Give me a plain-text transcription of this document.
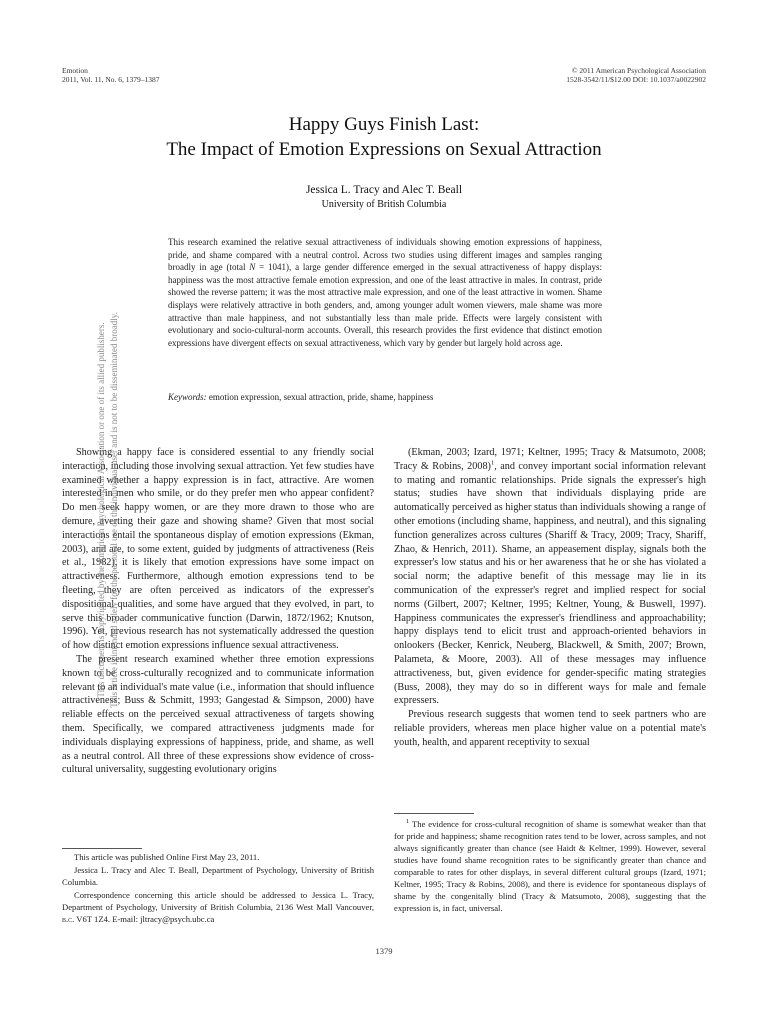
Emotion
2011, Vol. 11, No. 6, 1379–1387
© 2011 American Psychological Association
1528-3542/11/$12.00 DOI: 10.1037/a0022902
Happy Guys Finish Last:
The Impact of Emotion Expressions on Sexual Attraction
Jessica L. Tracy and Alec T. Beall
University of British Columbia
This research examined the relative sexual attractiveness of individuals showing emotion expressions of happiness, pride, and shame compared with a neutral control. Across two studies using different images and samples ranging broadly in age (total N = 1041), a large gender difference emerged in the sexual attractiveness of happy displays: happiness was the most attractive female emotion expression, and one of the least attractive in males. In contrast, pride showed the reverse pattern; it was the most attractive male expression, and one of the least attractive in women. Shame displays were relatively attractive in both genders, and, among younger adult women viewers, male shame was more attractive than male happiness, and not substantially less than male pride. Effects were largely consistent with evolutionary and socio-cultural-norm accounts. Overall, this research provides the first evidence that distinct emotion expressions have divergent effects on sexual attractiveness, which vary by gender but largely hold across age.
Keywords: emotion expression, sexual attraction, pride, shame, happiness

Showing a happy face is considered essential to any friendly social interaction, including those involving sexual attraction. Yet few studies have examined whether a happy expression is in fact, attractive. Are women interested in men who smile, or do they prefer men who appear confident? Do men seek happy women, or are they more drawn to those who are demure, averting their gaze and showing shame? Given that most social interactions entail the spontaneous display of emotion expressions (Ekman, 2003), and are, to some extent, guided by judgments of attractiveness (Reis et al., 1982), it is likely that emotion expressions have some impact on attractiveness. Furthermore, although emotion expressions tend to be fleeting, they are often perceived as indicators of the expresser's dispositional qualities, and some have argued that they evolved, in part, to serve this broader communicative function (Darwin, 1872/1962; Knutson, 1996). Yet, previous research has not systematically addressed the question of how distinct emotion expressions influence sexual attractiveness.

The present research examined whether three emotion expressions known to be cross-culturally recognized and to communicate information relevant to an individual's mate value (i.e., information that should influence attractiveness; Buss & Schmitt, 1993; Gangestad & Simpson, 2000) have reliable effects on the perceived sexual attractiveness of targets showing them. Specifically, we compared attractiveness judgments made for individuals displaying expressions of happiness, pride, and shame, as well as a neutral control. All three of these expressions show evidence of cross-cultural universality, suggesting evolutionary origins

(Ekman, 2003; Izard, 1971; Keltner, 1995; Tracy & Matsumoto, 2008; Tracy & Robins, 2008)$^1$, and convey important social information relevant to mating and romantic relationships. Pride signals the expresser's high status; studies have shown that individuals displaying pride are automatically perceived as higher status than individuals showing a range of other emotions (including shame, happiness, and neutral), and this signaling function generalizes across cultures (Shariff & Tracy, 2009; Tracy, Shariff, Zhao, & Henrich, 2011). Shame, an appeasement display, signals both the expresser's low status and his or her awareness that he or she has violated a social norm; the adaptive benefit of this message may lie in its communication of the expresser's regret and implied respect for social norms (Gilbert, 2007; Keltner, 1995; Keltner, Young, & Buswell, 1997). Happiness communicates the expresser's friendliness and approachability; happy displays tend to elicit trust and approach-oriented behaviors in onlookers (Becker, Kenrick, Neuberg, Blackwell, & Smith, 2007; Brown, Palameta, & Moore, 2003). All of these messages may influence attractiveness, but, given evidence for gender-specific mating strategies (Buss, 2008), they may do so in different ways for male and female expressers.

Previous research suggests that women tend to seek partners who are reliable providers, whereas men place higher value on a potential mate's youth, health, and apparent receptivity to sexual

This article was published Online First May 23, 2011.

Jessica L. Tracy and Alec T. Beall, Department of Psychology, University of British Columbia.

Correspondence concerning this article should be addressed to Jessica L. Tracy, Department of Psychology, University of British Columbia, 2136 West Mall Vancouver, b.c. V6T 1Z4. E-mail: jltracy@psych.ubc.ca

$^1$ The evidence for cross-cultural recognition of shame is somewhat weaker than that for pride and happiness; shame recognition rates tend to be lower, across samples, and not always significantly greater than chance (see Haidt & Keltner, 1999). However, several studies have found shame recognition rates to be significantly greater than chance and comparable to rates for other displays, in several different cultural groups (Izard, 1971; Keltner, 1995; Tracy & Robins, 2008), and there is evidence for spontaneous displays of shame by the congenitally blind (Tracy & Matsumoto, 2008), suggesting that the expression is, in fact, universal.

1379
This document is copyrighted by the American Psychological Association or one of its allied publishers. This article is intended solely for the personal use of the individual user and is not to be disseminated broadly.
